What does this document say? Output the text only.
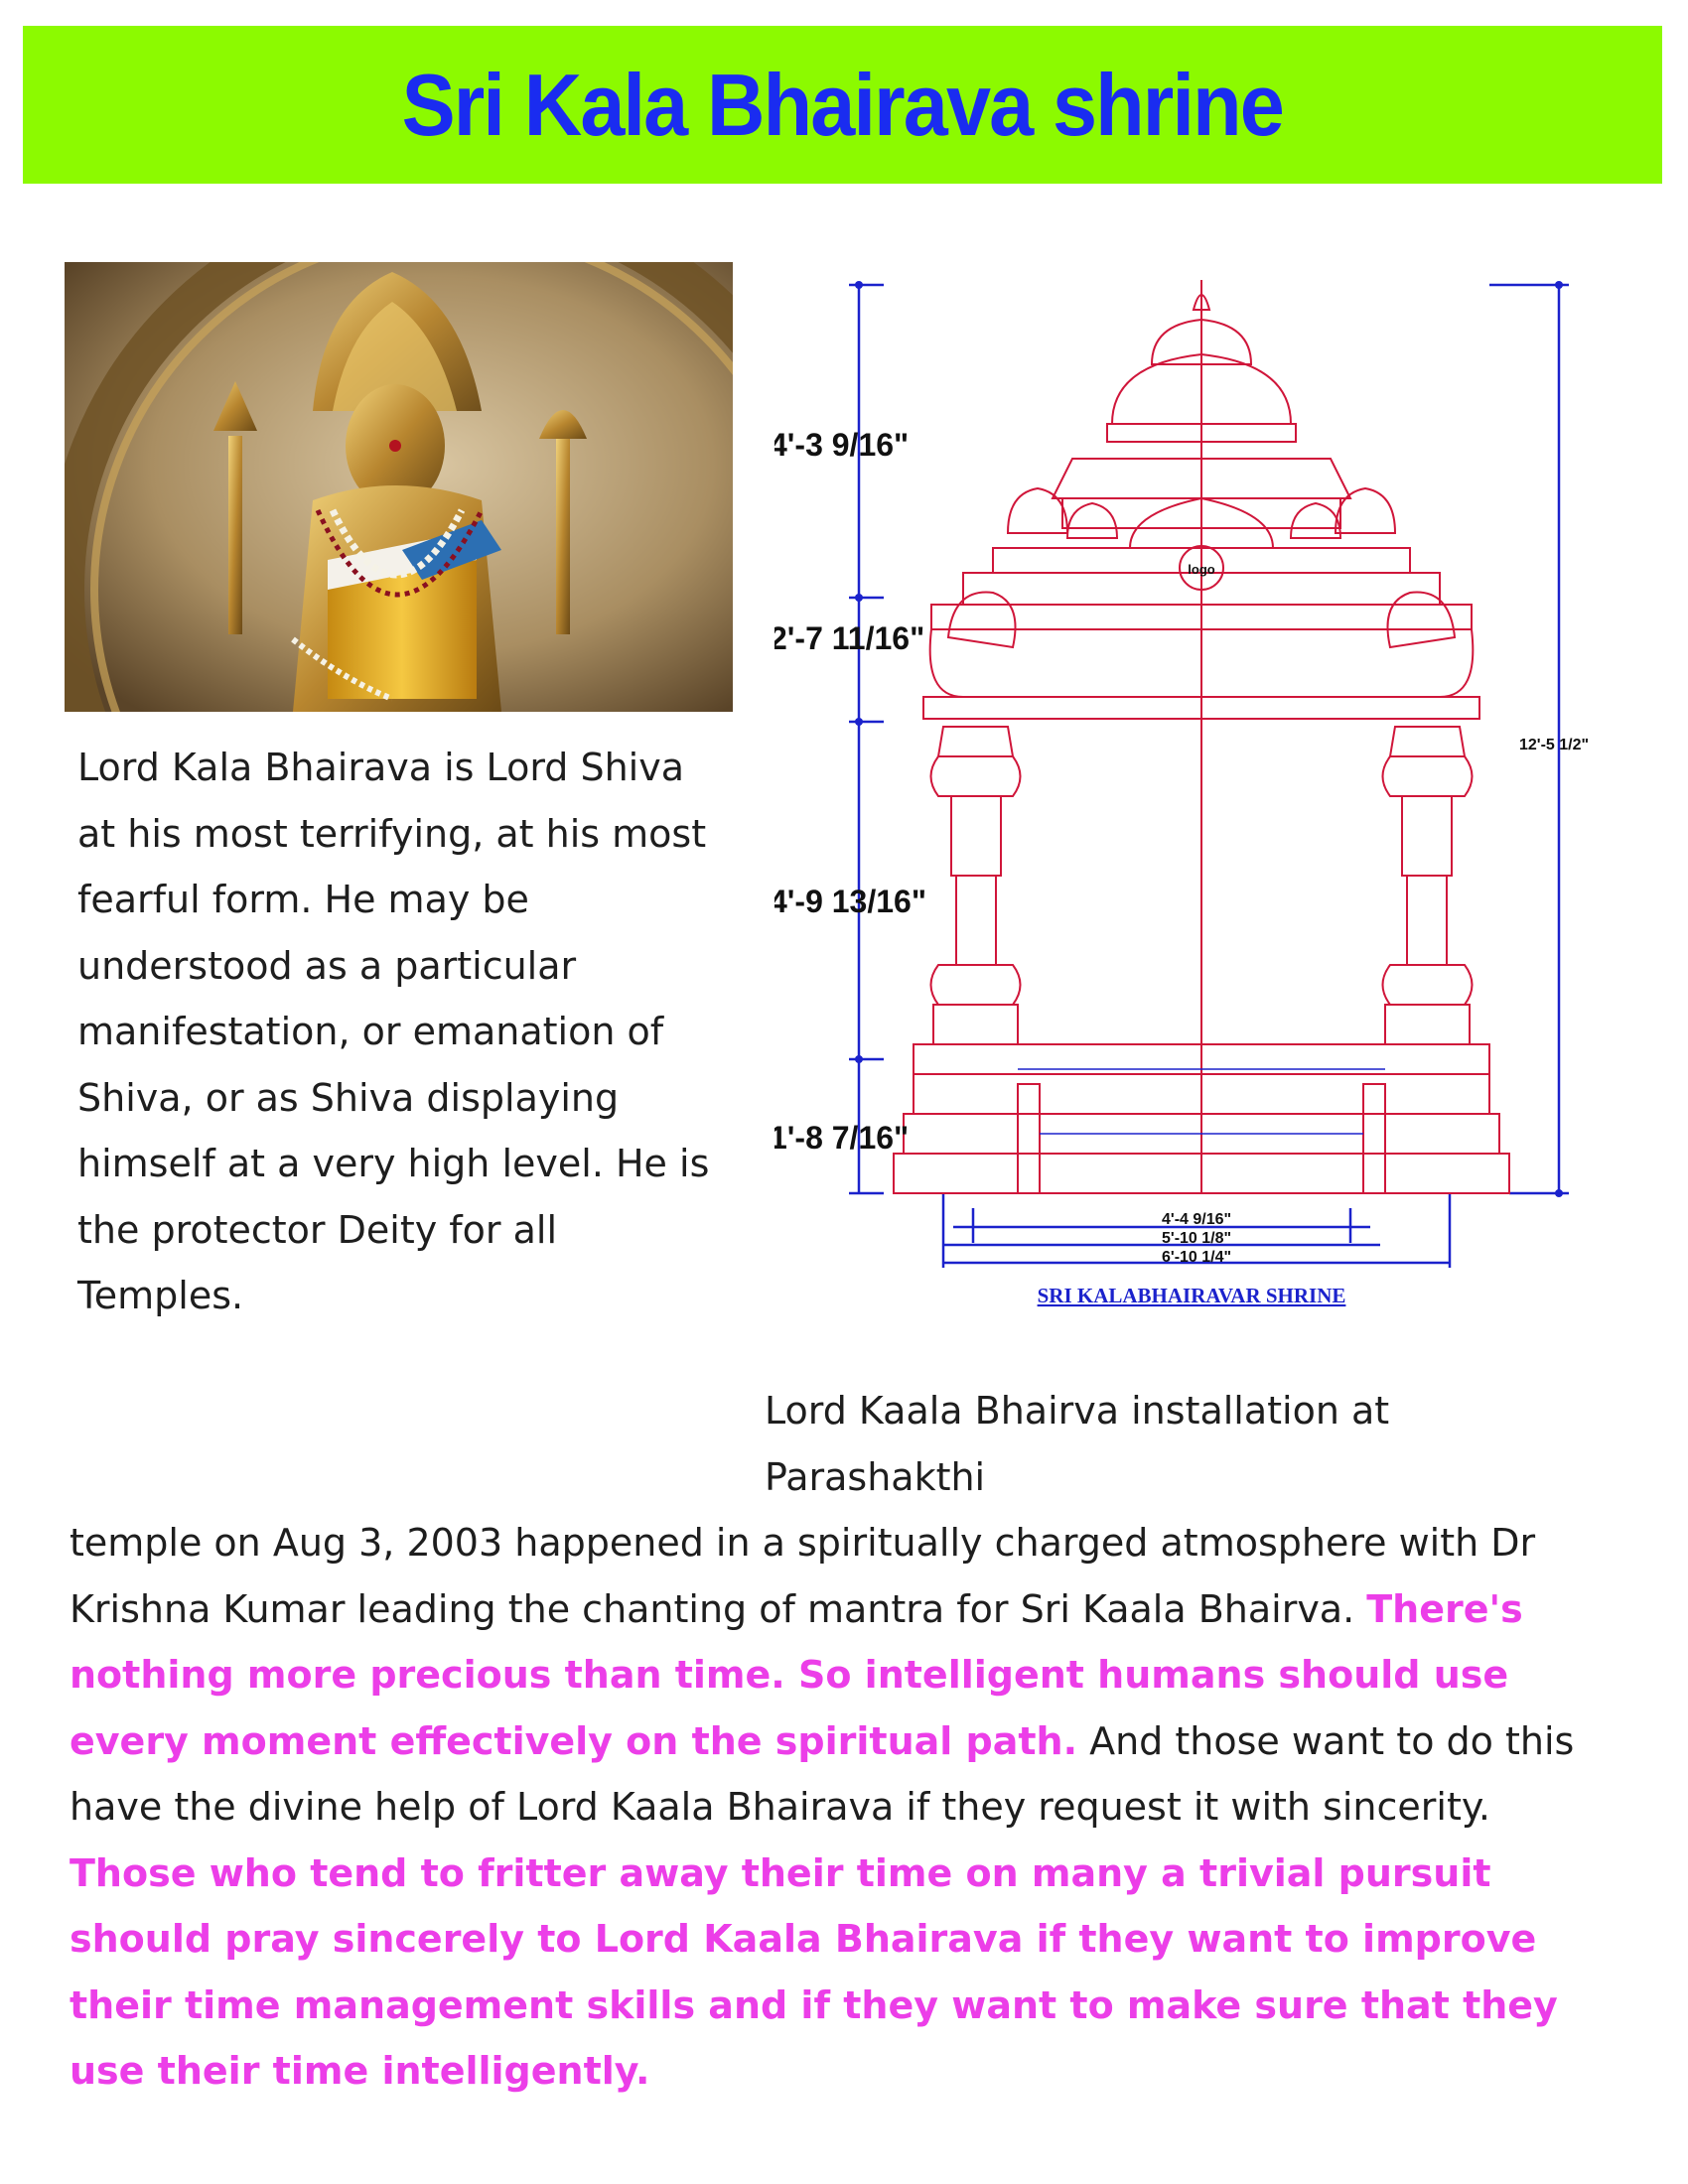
Sri Kala Bhairava shrine

Lord Kala Bhairava is Lord Shiva at his most terrifying, at his most fearful form. He may be understood as a particular manifestation, or emanation of Shiva, or as Shiva displaying himself at a very high level. He is the protector Deity for all Temples.

logo
4'-3 9/16"
2'-7 11/16"
4'-9 13/16"
1'-8 7/16"
12'-5 1/2"
4'-4 9/16"
5'-10 1/8"
6'-10 1/4"
SRI KALABHAIRAVAR SHRINE
Lord Kaala Bhairva installation at Parashakthi
temple on Aug 3, 2003 happened in a spiritually charged atmosphere with Dr Krishna Kumar leading the chanting of mantra for Sri Kaala Bhairva. There's nothing more precious than time. So intelligent humans should use every moment effectively on the spiritual path. And those want to do this have the divine help of Lord Kaala Bhairava if they request it with sincerity. Those who tend to fritter away their time on many a trivial pursuit should pray sincerely to Lord Kaala Bhairava if they want to improve their time management skills and if they want to make sure that they use their time intelligently.
